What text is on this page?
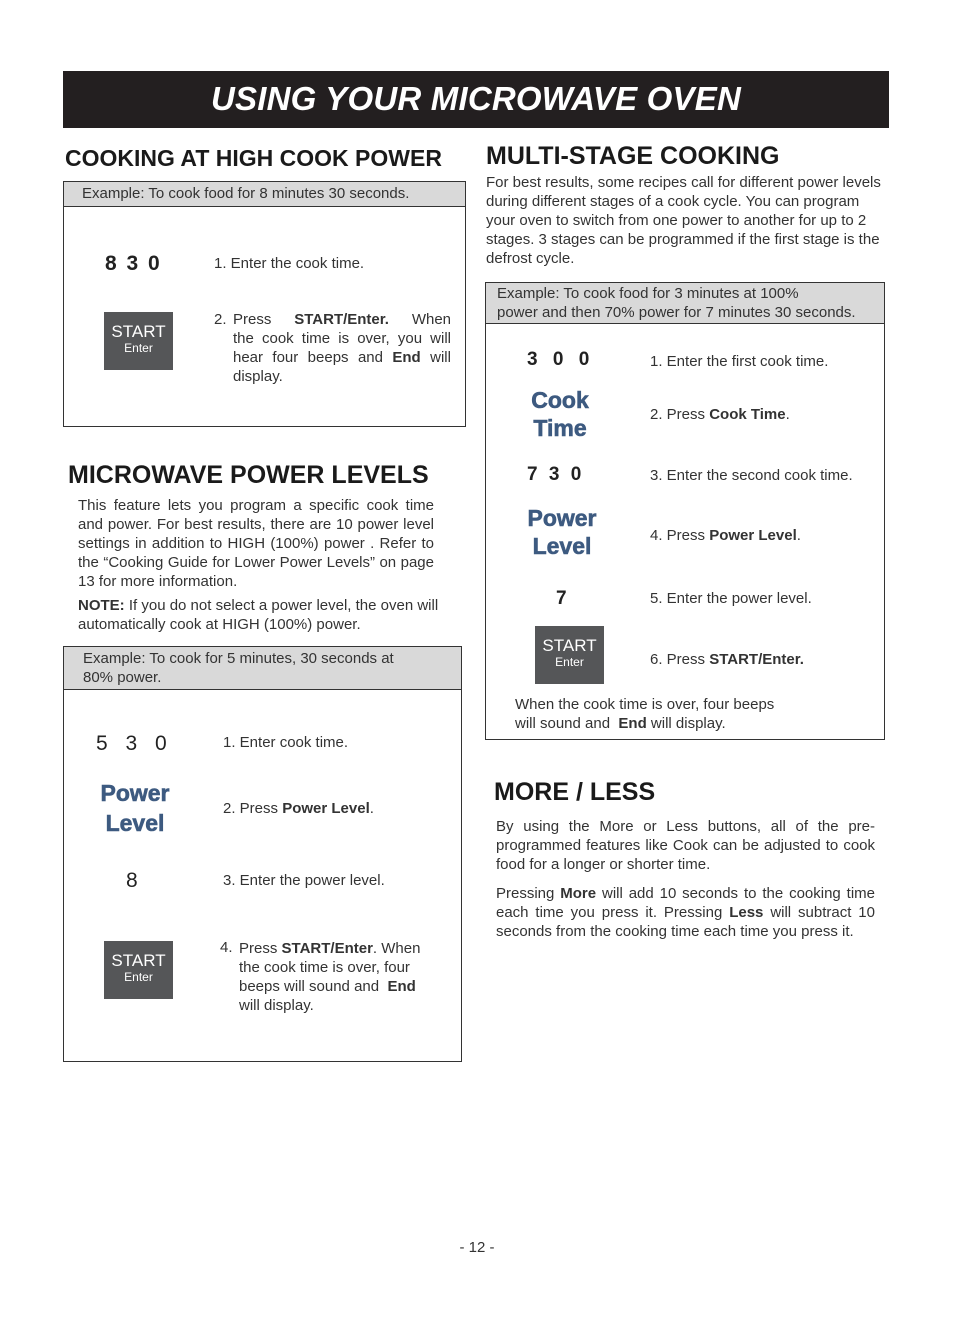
USING YOUR MICROWAVE OVEN
COOKING AT HIGH COOK POWER
Example: To cook food for 8 minutes 30 seconds.
8 3 0	1. Enter the cook time.
START
Enter
2. Press START/Enter. When
the cook time is over, you will
hear four beeps and End will
display.
MICROWAVE POWER LEVELS
This feature lets you program a specific cook time and power. For best results, there are 10 power level settings in addition to HIGH (100%) power . Refer to the “Cooking Guide for Lower Power Levels” on page 13 for more information.
NOTE: If you do not select a power level, the oven will automatically cook at HIGH (100%) power.
Example: To cook for 5 minutes, 30 seconds at
80% power.
5 3 0	1. Enter cook time.
Power
Level
2. Press Power Level.
8	3. Enter the power level.
START
Enter
4. Press START/Enter. When
the cook time is over, four
beeps will sound and End
will display.
MULTI-STAGE COOKING
For best results, some recipes call for different power levels during different stages of a cook cycle. You can program your oven to switch from one power to another for up to 2 stages. 3 stages can be programmed if the first stage is the defrost cycle.
Example: To cook food for 3 minutes at 100%
power and then 70% power for 7 minutes 30 seconds.
3 0 0	1. Enter the first cook time.
Cook
Time
2. Press Cook Time.
7 3 0	3. Enter the second cook time.
Power
Level	4. Press Power Level.
7	5. Enter the power level.
START
Enter	6. Press START/Enter.
When the cook time is over, four beeps
will sound and End will display.
MORE / LESS
By using the More or Less buttons, all of the pre-programmed features like Cook can be adjusted to cook food for a longer or shorter time.
Pressing More will add 10 seconds to the cooking time each time you press it. Pressing Less will subtract 10 seconds from the cooking time each time you press it.
- 12 -
